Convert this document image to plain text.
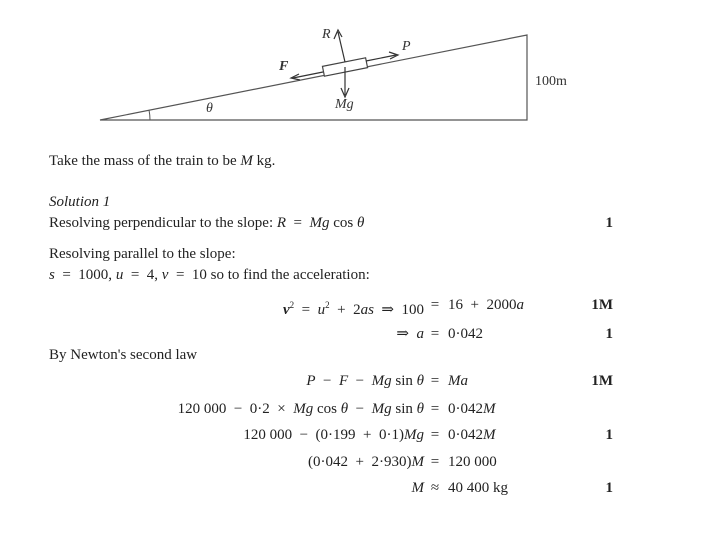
R
P
F
Mg
θ
100m
Take the mass of the train to be M kg.
Solution 1
Resolving perpendicular to the slope: R  =  Mg cos θ	1
Resolving parallel to the slope:
s  =  1000, u  =  4, v  =  10 so to find the acceleration:
$v^2 = u^2 + 2as$  ⇒  100 = 16  +  2000a	1M
⇒  a = 0·042	1
By Newton's second law
P  −  F  −  Mg sin θ = Ma	1M
120 000  −  0·2  ×  Mg cos θ  −  Mg sin θ = 0·042M
120 000  −  (0·199  +  0·1)Mg = 0·042M	1
(0·042  +  2·930)M = 120 000
M ≈ 40 400 kg	1
